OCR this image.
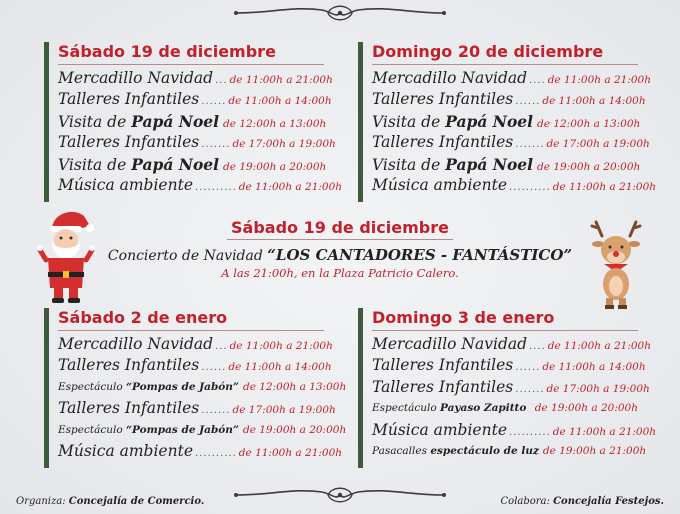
Sábado 19 de diciembre
Mercadillo Navidad ... de 11:00h a 21:00h
Talleres Infantiles ...... de 11:00h a 14:00h
Visita de Papá Noel de 12:00h a 13:00h
Talleres Infantiles ....... de 17:00h a 19:00h
Visita de Papá Noel de 19:00h a 20:00h
Música ambiente .......... de 11:00h a 21:00h
Domingo 20 de diciembre
Mercadillo Navidad .... de 11:00h a 21:00h
Talleres Infantiles ...... de 11:00h a 14:00h
Visita de Papá Noel de 12:00h a 13:00h
Talleres Infantiles ....... de 17:00h a 19:00h
Visita de Papá Noel de 19:00h a 20:00h
Música ambiente .......... de 11:00h a 21:00h
Sábado 19 de diciembre
Concierto de Navidad “LOS CANTADORES - FANTÁSTICO”
A las 21:00h, en la Plaza Patricio Calero.
Sábado 2 de enero
Mercadillo Navidad ... de 11:00h a 21:00h
Talleres Infantiles ...... de 11:00h a 14:00h
Espectáculo “Pompas de Jabón” de 12:00h a 13:00h
Talleres Infantiles ....... de 17:00h a 19:00h
Espectáculo “Pompas de Jabón” de 19:00h a 20:00h
Música ambiente .......... de 11:00h a 21:00h
Domingo 3 de enero
Mercadillo Navidad .... de 11:00h a 21:00h
Talleres Infantiles ...... de 11:00h a 14:00h
Talleres Infantiles ....... de 17:00h a 19:00h
Espectáculo Payaso Zapitto de 19:00h a 20:00h
Música ambiente .......... de 11:00h a 21:00h
Pasacalles espectáculo de luz de 19:00h a 21:00h
Organiza: Concejalía de Comercio.	Colabora: Concejalía Festejos.
